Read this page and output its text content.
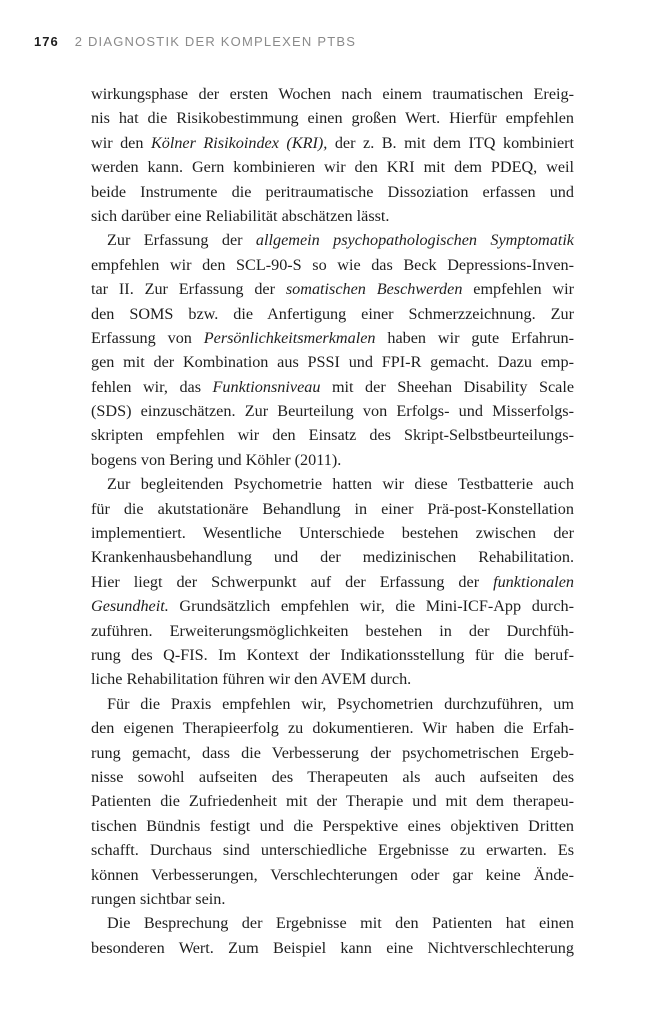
176 2 DIAGNOSTIK DER KOMPLEXEN PTBS
wirkungsphase der ersten Wochen nach einem traumatischen Ereig-
nis hat die Risikobestimmung einen großen Wert. Hierfür empfehlen
wir den Kölner Risikoindex (KRI), der z. B. mit dem ITQ kombiniert
werden kann. Gern kombinieren wir den KRI mit dem PDEQ, weil
beide Instrumente die peritraumatische Dissoziation erfassen und
sich darüber eine Reliabilität abschätzen lässt.
Zur Erfassung der allgemein psychopathologischen Symptomatik
empfehlen wir den SCL-90-S so wie das Beck Depressions-Inven-
tar II. Zur Erfassung der somatischen Beschwerden empfehlen wir
den SOMS bzw. die Anfertigung einer Schmerzzeichnung. Zur
Erfassung von Persönlichkeitsmerkmalen haben wir gute Erfahrun-
gen mit der Kombination aus PSSI und FPI-R gemacht. Dazu emp-
fehlen wir, das Funktionsniveau mit der Sheehan Disability Scale
(SDS) einzuschätzen. Zur Beurteilung von Erfolgs- und Misserfolgs-
skripten empfehlen wir den Einsatz des Skript-Selbstbeurteilungs-
bogens von Bering und Köhler (2011).
Zur begleitenden Psychometrie hatten wir diese Testbatterie auch
für die akutstationäre Behandlung in einer Prä-post-Konstellation
implementiert. Wesentliche Unterschiede bestehen zwischen der
Krankenhausbehandlung und der medizinischen Rehabilitation.
Hier liegt der Schwerpunkt auf der Erfassung der funktionalen
Gesundheit. Grundsätzlich empfehlen wir, die Mini-ICF-App durch-
zuführen. Erweiterungsmöglichkeiten bestehen in der Durchfüh-
rung des Q-FIS. Im Kontext der Indikationsstellung für die beruf-
liche Rehabilitation führen wir den AVEM durch.
Für die Praxis empfehlen wir, Psychometrien durchzuführen, um
den eigenen Therapieerfolg zu dokumentieren. Wir haben die Erfah-
rung gemacht, dass die Verbesserung der psychometrischen Ergeb-
nisse sowohl aufseiten des Therapeuten als auch aufseiten des
Patienten die Zufriedenheit mit der Therapie und mit dem therapeu-
tischen Bündnis festigt und die Perspektive eines objektiven Dritten
schafft. Durchaus sind unterschiedliche Ergebnisse zu erwarten. Es
können Verbesserungen, Verschlechterungen oder gar keine Ände-
rungen sichtbar sein.
Die Besprechung der Ergebnisse mit den Patienten hat einen
besonderen Wert. Zum Beispiel kann eine Nichtverschlechterung
